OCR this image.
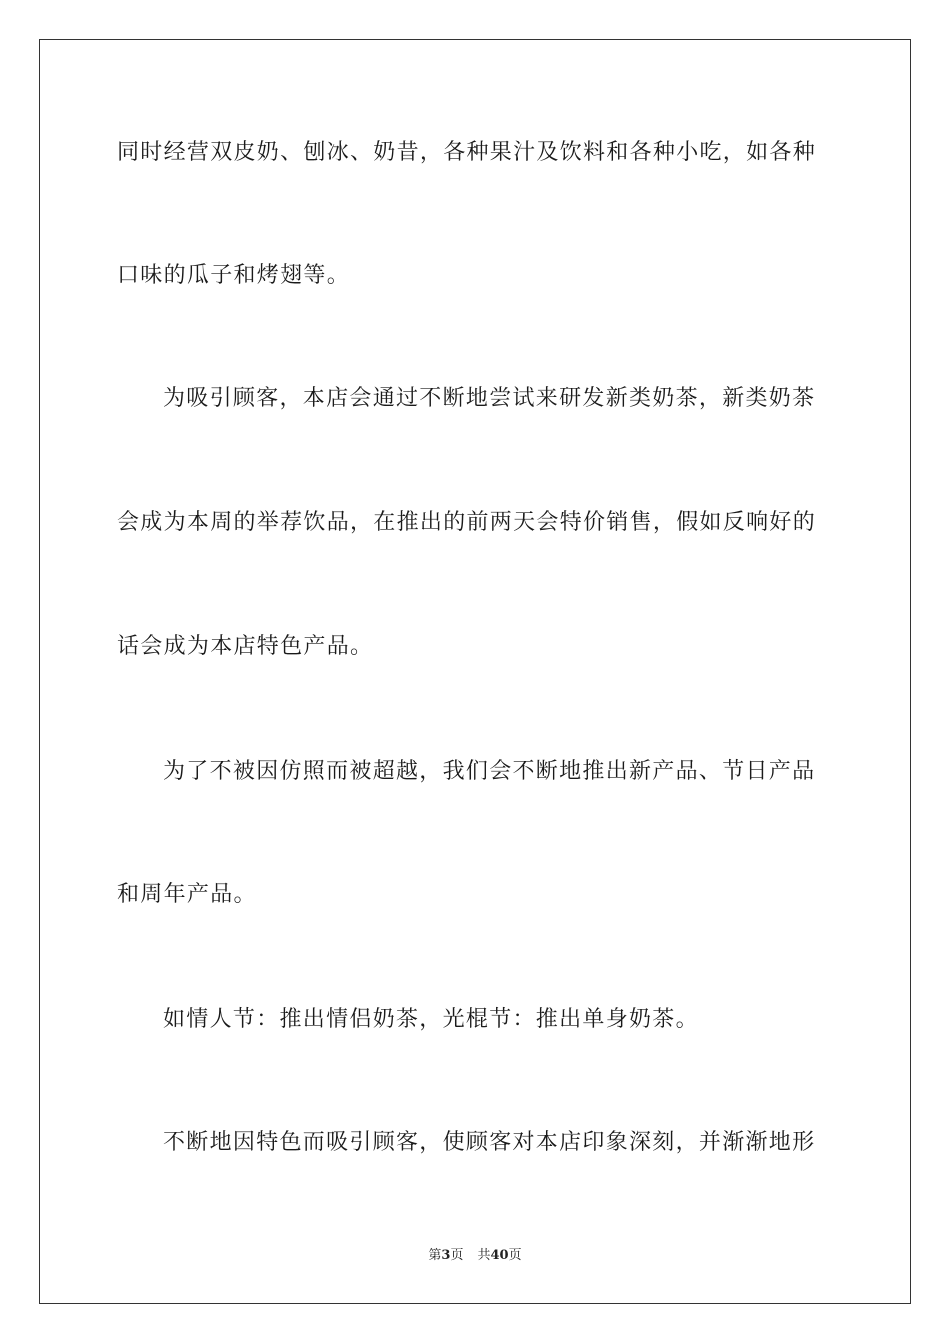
同时经营双皮奶、刨冰、奶昔，各种果汁及饮料和各种小吃，如各种
口味的瓜子和烤翅等。
为吸引顾客，本店会通过不断地尝试来研发新类奶茶，新类奶茶
会成为本周的举荐饮品，在推出的前两天会特价销售，假如反响好的
话会成为本店特色产品。
为了不被因仿照而被超越，我们会不断地推出新产品、节日产品
和周年产品。
如情人节：推出情侣奶茶，光棍节：推出单身奶茶。
不断地因特色而吸引顾客，使顾客对本店印象深刻，并渐渐地形
第3页 共40页
